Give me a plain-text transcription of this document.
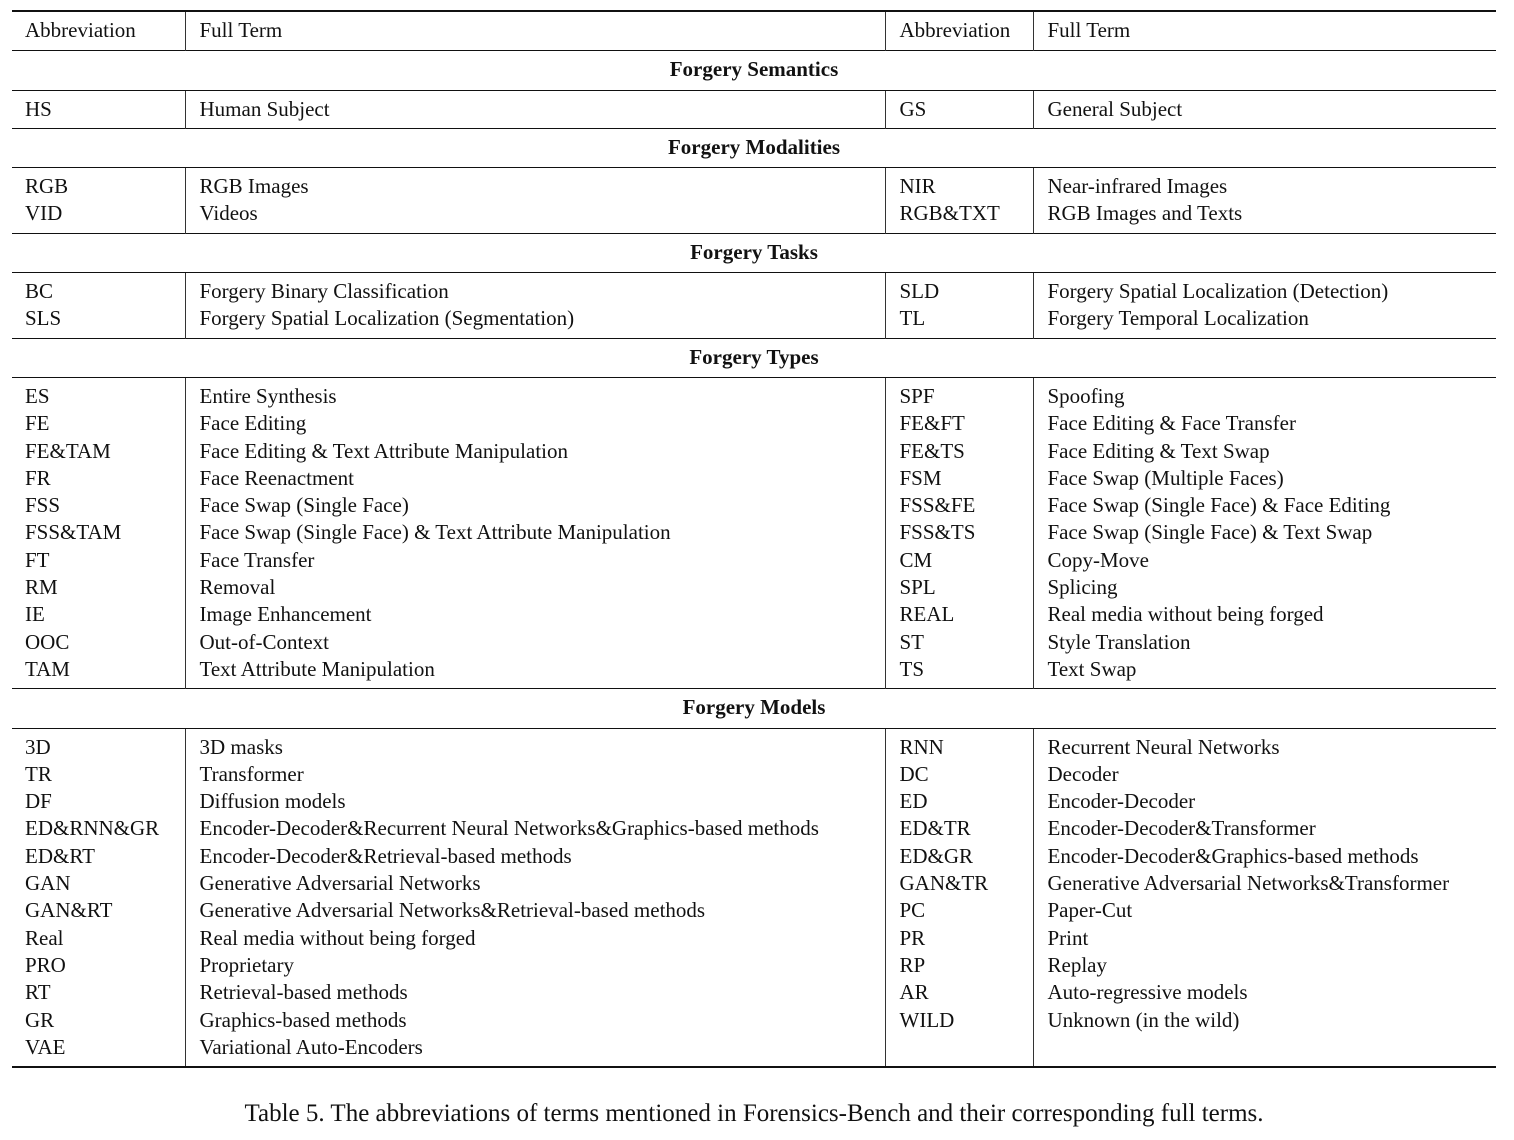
Abbreviation	Full Term	Abbreviation	Full Term
Forgery Semantics			
HS	Human Subject	GS	General Subject
Forgery Modalities			
RGB	RGB Images	NIR	Near-infrared Images
VID	Videos	RGB&TXT	RGB Images and Texts
Forgery Tasks			
BC	Forgery Binary Classification	SLD	Forgery Spatial Localization (Detection)
SLS	Forgery Spatial Localization (Segmentation)	TL	Forgery Temporal Localization
Forgery Types			
ES	Entire Synthesis	SPF	Spoofing
FE	Face Editing	FE&FT	Face Editing & Face Transfer
FE&TAM	Face Editing & Text Attribute Manipulation	FE&TS	Face Editing & Text Swap
FR	Face Reenactment	FSM	Face Swap (Multiple Faces)
FSS	Face Swap (Single Face)	FSS&FE	Face Swap (Single Face) & Face Editing
FSS&TAM	Face Swap (Single Face) & Text Attribute Manipulation	FSS&TS	Face Swap (Single Face) & Text Swap
FT	Face Transfer	CM	Copy-Move
RM	Removal	SPL	Splicing
IE	Image Enhancement	REAL	Real media without being forged
OOC	Out-of-Context	ST	Style Translation
TAM	Text Attribute Manipulation	TS	Text Swap
Forgery Models			
3D	3D masks	RNN	Recurrent Neural Networks
TR	Transformer	DC	Decoder
DF	Diffusion models	ED	Encoder-Decoder
ED&RNN&GR	Encoder-Decoder&Recurrent Neural Networks&Graphics-based methods	ED&TR	Encoder-Decoder&Transformer
ED&RT	Encoder-Decoder&Retrieval-based methods	ED&GR	Encoder-Decoder&Graphics-based methods
GAN	Generative Adversarial Networks	GAN&TR	Generative Adversarial Networks&Transformer
GAN&RT	Generative Adversarial Networks&Retrieval-based methods	PC	Paper-Cut
Real	Real media without being forged	PR	Print
PRO	Proprietary	RP	Replay
RT	Retrieval-based methods	AR	Auto-regressive models
GR	Graphics-based methods	WILD	Unknown (in the wild)
VAE	Variational Auto-Encoders		
Table 5. The abbreviations of terms mentioned in Forensics-Bench and their corresponding full terms.
